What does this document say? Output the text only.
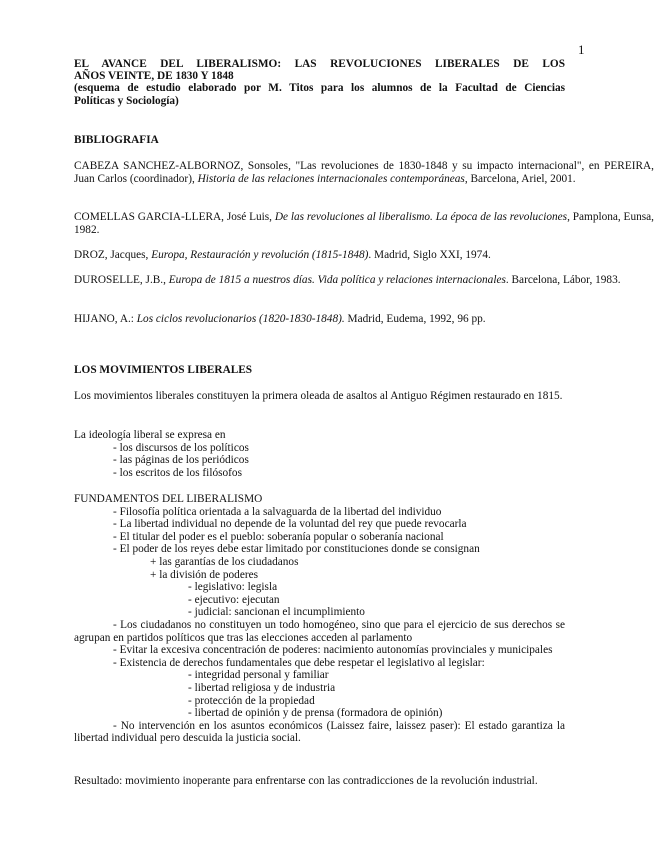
1
EL AVANCE DEL LIBERALISMO: LAS REVOLUCIONES LIBERALES DE LOS
AÑOS VEINTE, DE 1830 Y 1848
(esquema de estudio elaborado por M. Titos para los alumnos de la Facultad de Ciencias
Políticas y Sociología)
BIBLIOGRAFIA
CABEZA SANCHEZ-ALBORNOZ, Sonsoles, "Las revoluciones de 1830-1848 y su impacto internacional", en PEREIRA, Juan Carlos (coordinador), Historia de las relaciones internacionales contemporáneas, Barcelona, Ariel, 2001.
COMELLAS GARCIA-LLERA, José Luis, De las revoluciones al liberalismo. La época de las revoluciones, Pamplona, Eunsa, 1982.
DROZ, Jacques, Europa, Restauración y revolución (1815-1848). Madrid, Siglo XXI, 1974.
DUROSELLE, J.B., Europa de 1815 a nuestros días. Vida política y relaciones internacionales. Barcelona, Lábor, 1983.
HIJANO, A.: Los ciclos revolucionarios (1820-1830-1848). Madrid, Eudema, 1992, 96 pp.
LOS MOVIMIENTOS LIBERALES
Los movimientos liberales constituyen la primera oleada de asaltos al Antiguo Régimen restaurado en 1815.
La ideología liberal se expresa en
- los discursos de los políticos
- las páginas de los periódicos
- los escritos de los filósofos
FUNDAMENTOS DEL LIBERALISMO
- Filosofía política orientada a la salvaguarda de la libertad del individuo
- La libertad individual no depende de la voluntad del rey que puede revocarla
- El titular del poder es el pueblo: soberanía popular o soberanía nacional
- El poder de los reyes debe estar limitado por constituciones donde se consignan
+ las garantías de los ciudadanos
+ la división de poderes
- legislativo: legisla
- ejecutivo: ejecutan
- judicial: sancionan el incumplimiento
- Los ciudadanos no constituyen un todo homogéneo, sino que para el ejercicio de sus derechos se agrupan en partidos políticos que tras las elecciones acceden al parlamento
- Evitar la excesiva concentración de poderes: nacimiento autonomías provinciales y municipales
- Existencia de derechos fundamentales que debe respetar el legislativo al legislar:
- integridad personal y familiar
- libertad religiosa y de industria
- protección de la propiedad
- libertad de opinión y de prensa (formadora de opinión)
- No intervención en los asuntos económicos (Laissez faire, laissez paser): El estado garantiza la libertad individual pero descuida la justicia social.
Resultado: movimiento inoperante para enfrentarse con las contradicciones de la revolución industrial.
